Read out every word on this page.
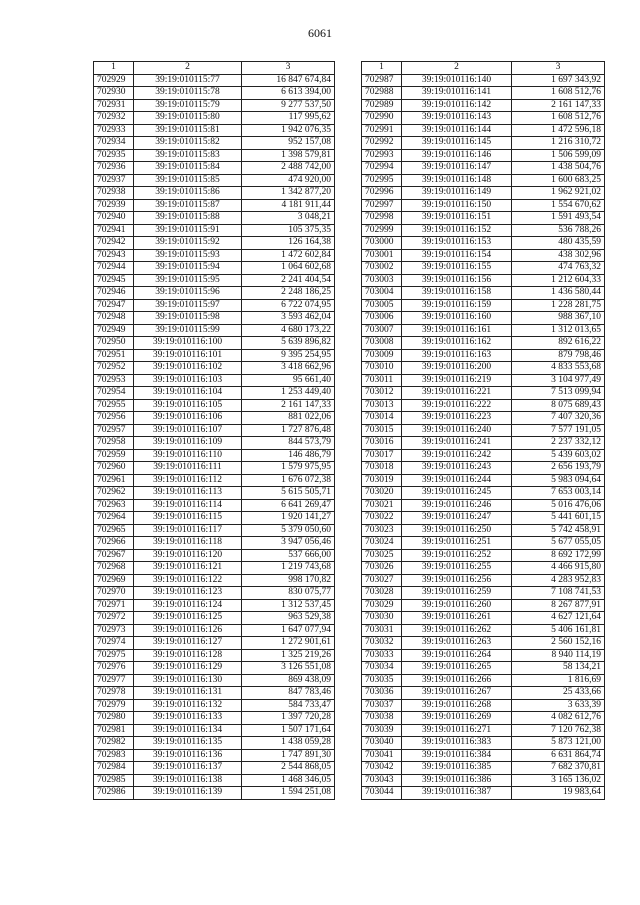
6061
1	2	3
702929	39:19:010115:77	16 847 674,84
702930	39:19:010115:78	6 613 394,00
702931	39:19:010115:79	9 277 537,50
702932	39:19:010115:80	117 995,62
702933	39:19:010115:81	1 942 076,35
702934	39:19:010115:82	952 157,08
702935	39:19:010115:83	1 398 579,81
702936	39:19:010115:84	2 488 742,00
702937	39:19:010115:85	474 920,00
702938	39:19:010115:86	1 342 877,20
702939	39:19:010115:87	4 181 911,44
702940	39:19:010115:88	3 048,21
702941	39:19:010115:91	105 375,35
702942	39:19:010115:92	126 164,38
702943	39:19:010115:93	1 472 602,84
702944	39:19:010115:94	1 064 602,68
702945	39:19:010115:95	2 241 404,54
702946	39:19:010115:96	2 248 186,25
702947	39:19:010115:97	6 722 074,95
702948	39:19:010115:98	3 593 462,04
702949	39:19:010115:99	4 680 173,22
702950	39:19:010116:100	5 639 896,82
702951	39:19:010116:101	9 395 254,95
702952	39:19:010116:102	3 418 662,96
702953	39:19:010116:103	95 661,40
702954	39:19:010116:104	1 253 449,40
702955	39:19:010116:105	2 161 147,33
702956	39:19:010116:106	881 022,06
702957	39:19:010116:107	1 727 876,48
702958	39:19:010116:109	844 573,79
702959	39:19:010116:110	146 486,79
702960	39:19:010116:111	1 579 975,95
702961	39:19:010116:112	1 676 072,38
702962	39:19:010116:113	5 615 505,71
702963	39:19:010116:114	6 641 269,47
702964	39:19:010116:115	1 920 141,27
702965	39:19:010116:117	5 379 050,60
702966	39:19:010116:118	3 947 056,46
702967	39:19:010116:120	537 666,00
702968	39:19:010116:121	1 219 743,68
702969	39:19:010116:122	998 170,82
702970	39:19:010116:123	830 075,77
702971	39:19:010116:124	1 312 537,45
702972	39:19:010116:125	963 529,38
702973	39:19:010116:126	1 647 077,94
702974	39:19:010116:127	1 272 901,61
702975	39:19:010116:128	1 325 219,26
702976	39:19:010116:129	3 126 551,08
702977	39:19:010116:130	869 438,09
702978	39:19:010116:131	847 783,46
702979	39:19:010116:132	584 733,47
702980	39:19:010116:133	1 397 720,28
702981	39:19:010116:134	1 507 171,64
702982	39:19:010116:135	1 438 059,28
702983	39:19:010116:136	1 747 891,30
702984	39:19:010116:137	2 544 868,05
702985	39:19:010116:138	1 468 346,05
702986	39:19:010116:139	1 594 251,08
1	2	3
702987	39:19:010116:140	1 697 343,92
702988	39:19:010116:141	1 608 512,76
702989	39:19:010116:142	2 161 147,33
702990	39:19:010116:143	1 608 512,76
702991	39:19:010116:144	1 472 596,18
702992	39:19:010116:145	1 216 310,72
702993	39:19:010116:146	1 506 599,09
702994	39:19:010116:147	1 438 504,76
702995	39:19:010116:148	1 600 683,25
702996	39:19:010116:149	1 962 921,02
702997	39:19:010116:150	1 554 670,62
702998	39:19:010116:151	1 591 493,54
702999	39:19:010116:152	536 788,26
703000	39:19:010116:153	480 435,59
703001	39:19:010116:154	438 302,96
703002	39:19:010116:155	474 763,32
703003	39:19:010116:156	1 212 604,33
703004	39:19:010116:158	1 436 580,44
703005	39:19:010116:159	1 228 281,75
703006	39:19:010116:160	988 367,10
703007	39:19:010116:161	1 312 013,65
703008	39:19:010116:162	892 616,22
703009	39:19:010116:163	879 798,46
703010	39:19:010116:200	4 833 553,68
703011	39:19:010116:219	3 104 977,49
703012	39:19:010116:221	7 513 099,94
703013	39:19:010116:222	8 075 689,43
703014	39:19:010116:223	7 407 320,36
703015	39:19:010116:240	7 577 191,05
703016	39:19:010116:241	2 237 332,12
703017	39:19:010116:242	5 439 603,02
703018	39:19:010116:243	2 656 193,79
703019	39:19:010116:244	5 983 094,64
703020	39:19:010116:245	7 653 003,14
703021	39:19:010116:246	5 016 476,06
703022	39:19:010116:247	5 441 601,15
703023	39:19:010116:250	5 742 458,91
703024	39:19:010116:251	5 677 055,05
703025	39:19:010116:252	8 692 172,99
703026	39:19:010116:255	4 466 915,80
703027	39:19:010116:256	4 283 952,83
703028	39:19:010116:259	7 108 741,53
703029	39:19:010116:260	8 267 877,91
703030	39:19:010116:261	4 627 121,64
703031	39:19:010116:262	5 406 161,81
703032	39:19:010116:263	2 560 152,16
703033	39:19:010116:264	8 940 114,19
703034	39:19:010116:265	58 134,21
703035	39:19:010116:266	1 816,69
703036	39:19:010116:267	25 433,66
703037	39:19:010116:268	3 633,39
703038	39:19:010116:269	4 082 612,76
703039	39:19:010116:271	7 120 762,38
703040	39:19:010116:383	5 873 121,00
703041	39:19:010116:384	6 631 864,74
703042	39:19:010116:385	7 682 370,81
703043	39:19:010116:386	3 165 136,02
703044	39:19:010116:387	19 983,64
